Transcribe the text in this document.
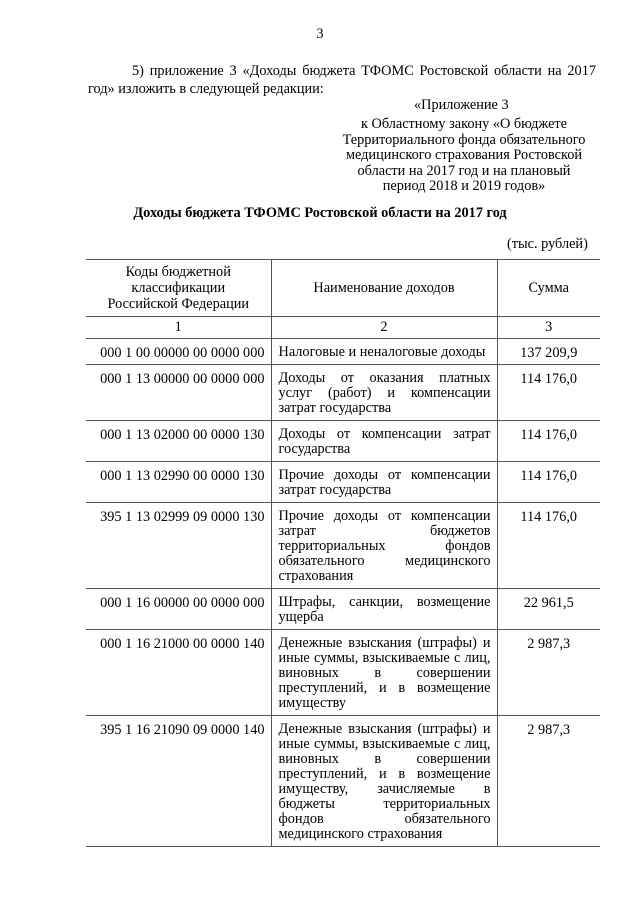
3
5) приложение 3 «Доходы бюджета ТФОМС Ростовской области на 2017 год» изложить в следующей редакции:
«Приложение 3
к Областному закону «О бюджете
Территориального фонда обязательного
медицинского страхования Ростовской
области на 2017 год и на плановый
период 2018 и 2019 годов»
Доходы бюджета ТФОМС Ростовской области на 2017 год
(тыс. рублей)
Коды бюджетной классификации Российской Федерации	Наименование доходов	Сумма
1	2	3
000 1 00 00000 00 0000 000	Налоговые и неналоговые доходы	137 209,9
000 1 13 00000 00 0000 000	Доходы от оказания платных услуг (работ) и компенсации затрат государства	114 176,0
000 1 13 02000 00 0000 130	Доходы от компенсации затрат государства	114 176,0
000 1 13 02990 00 0000 130	Прочие доходы от компенсации затрат государства	114 176,0
395 1 13 02999 09 0000 130	Прочие доходы от компенсации затрат бюджетов территориальных фондов обязательного медицинского страхования	114 176,0
000 1 16 00000 00 0000 000	Штрафы, санкции, возмещение ущерба	22 961,5
000 1 16 21000 00 0000 140	Денежные взыскания (штрафы) и иные суммы, взыскиваемые с лиц, виновных в совершении преступлений, и в возмещение имуществу	2 987,3
395 1 16 21090 09 0000 140	Денежные взыскания (штрафы) и иные суммы, взыскиваемые с лиц, виновных в совершении преступлений, и в возмещение имуществу, зачисляемые в бюджеты территориальных фондов обязательного медицинского страхования	2 987,3
